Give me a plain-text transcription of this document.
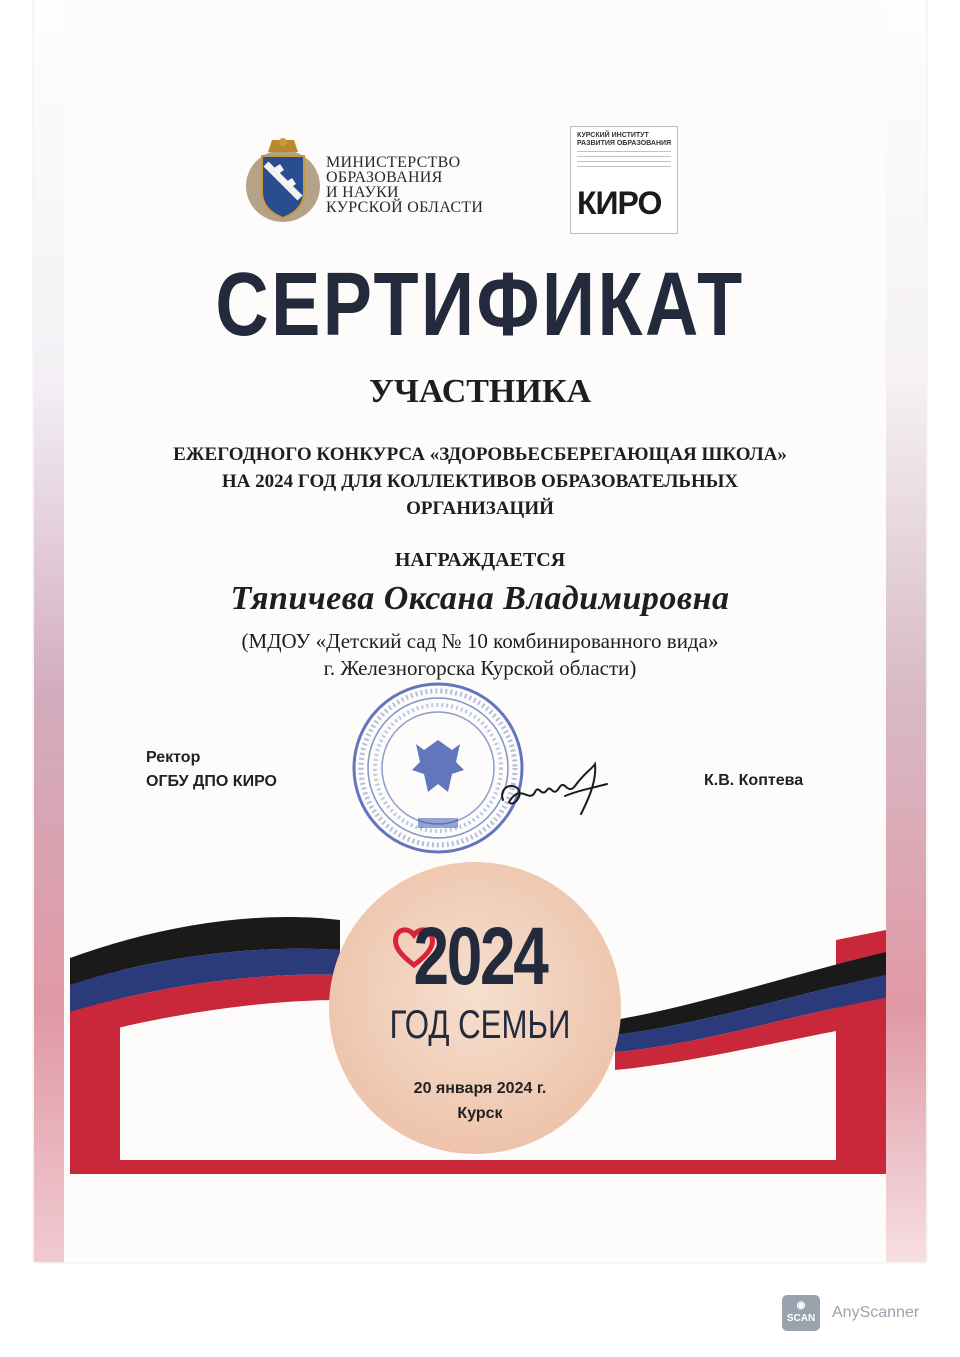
МИНИСТЕРСТВО
ОБРАЗОВАНИЯ
И НАУКИ
КУРСКОЙ ОБЛАСТИ
КУРСКИЙ ИНСТИТУТ
РАЗВИТИЯ ОБРАЗОВАНИЯ
КИРО
СЕРТИФИКАТ
УЧАСТНИКА
ЕЖЕГОДНОГО КОНКУРСА «ЗДОРОВЬЕСБЕРЕГАЮЩАЯ ШКОЛА»
НА 2024 ГОД ДЛЯ КОЛЛЕКТИВОВ ОБРАЗОВАТЕЛЬНЫХ
ОРГАНИЗАЦИЙ
НАГРАЖДАЕТСЯ
Тяпичева Оксана Владимировна
(МДОУ «Детский сад № 10 комбинированного вида»
г. Железногорска Курской области)
Ректор
ОГБУ ДПО КИРО	К.В. Коптева
2024
ГОД СЕМЬИ
20 января 2024 г.
Курск
◉
SCAN	AnyScanner
